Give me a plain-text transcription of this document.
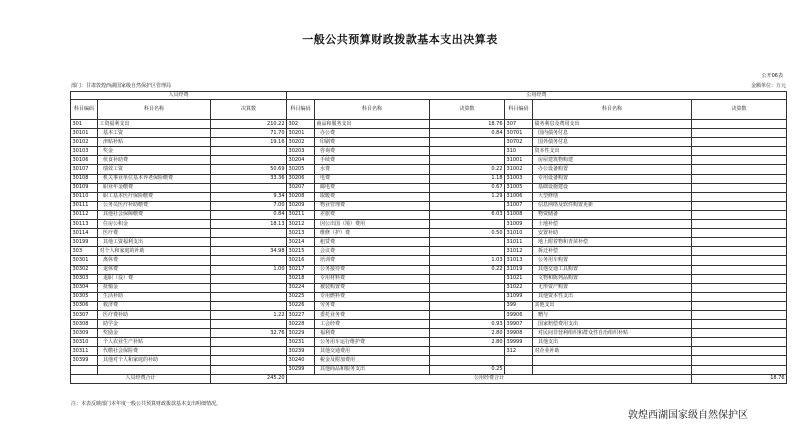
一般公共预算财政拨款基本支出决算表
公开06表
部门：甘肃敦煌西湖国家级自然保护区管理局	金额单位：万元
人员经费			公用经费					
科目编码	科目名称	决算数	科目编码	科目名称	决算数	科目编码	科目名称	决算数
301	工资福利支出	210.22	302	商品和服务支出	18.76	307	债务利息及费用支出	
30101	基本工资	71.70	30201	办公费	0.84	30701	国内债务付息	
30102	津贴补贴	19.16	30202	印刷费		30702	国外债务付息	
30103	奖金		30203	咨询费		310	资本性支出	
30106	伙食补助费		30204	手续费		31001	房屋建筑物购建	
30107	绩效工资	50.69	30205	水费	0.22	31002	办公设备购置	
30108	机关事业单位基本养老保险缴费	33.36	30206	电费	1.18	31003	专用设备购置	
30109	职业年金缴费		30207	邮电费	0.67	31005	基础设施建设	
30110	职工基本医疗保险缴费	9.34	30208	取暖费	1.29	31006	大型修缮	
30111	公务员医疗补助缴费	7.00	30209	物业管理费		31007	信息网络及软件购置更新	
30112	其他社会保障缴费	0.84	30211	差旅费	6.03	31008	物资储备	
30113	住房公积金	18.13	30212	因公出国（境）费用		31009	土地补偿	
30114	医疗费		30213	维修（护）费	0.50	31010	安置补助	
30199	其他工资福利支出		30214	租赁费		31011	地上附着物和青苗补偿	
303	对个人和家庭的补助	34.98	30215	会议费		31012	拆迁补偿	
30301	离休费		30216	培训费	1.03	31013	公务用车购置	
30302	退休费	1.00	30217	公务接待费	0.22	31019	其他交通工具购置	
30303	退职（役）费		30218	专用材料费		31021	文物和陈列品购置	
30304	抚恤金		30224	被装购置费		31022	无形资产购置	
30305	生活补助		30225	专用燃料费		31099	其他资本性支出	
30306	救济费		30226	劳务费		399	其他支出	
30307	医疗费补助	1.22	30227	委托业务费		39906	赠与	
30308	助学金		30228	工会经费	0.93	39907	国家赔偿费用支出	
30309	奖励金	32.76	30229	福利费	2.80	39908	对民间非营利组织和群众性自治组织补贴	
30310	个人农业生产补贴		30231	公务用车运行维护费	2.80	39999	其他支出	
30311	代缴社会保险费		30239	其他交通费用		312	对企业补助	
30399	其他对个人和家庭的补助		30240	税金及附加费用				
			30299	其他商品和服务支出	0.25			
人员经费合计		245.20	公用经费合计					18.76
注：本表反映部门本年度一般公共预算财政拨款基本支出明细情况。
敦煌西湖国家级自然保护区
